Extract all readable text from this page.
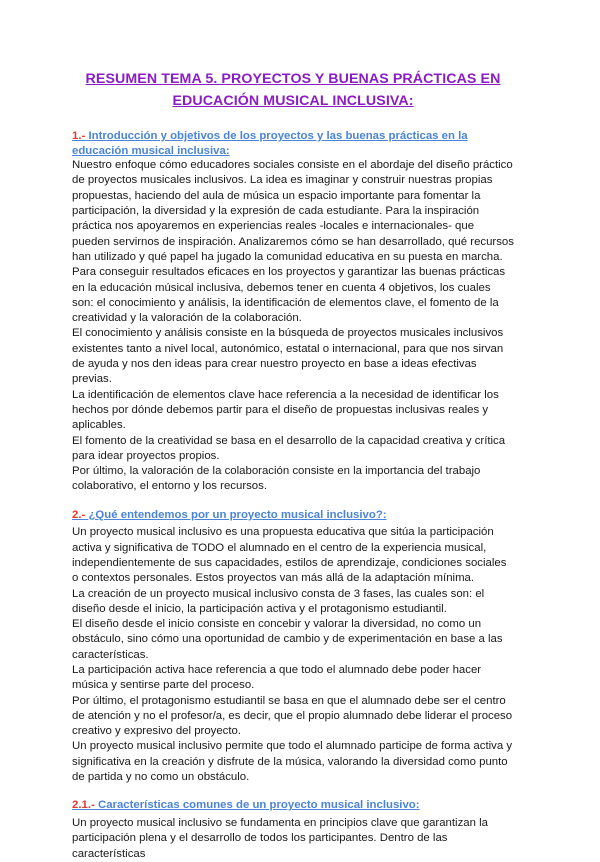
RESUMEN TEMA 5. PROYECTOS Y BUENAS PRÁCTICAS EN EDUCACIÓN MUSICAL INCLUSIVA:

1.- Introducción y objetivos de los proyectos y las buenas prácticas en la educación musical inclusiva:

Nuestro enfoque cómo educadores sociales consiste en el abordaje del diseño práctico de proyectos musicales inclusivos. La idea es imaginar y construir nuestras propias propuestas, haciendo del aula de música un espacio importante para fomentar la participación, la diversidad y la expresión de cada estudiante. Para la inspiración práctica nos apoyaremos en experiencias reales -locales e internacionales- que pueden servirnos de inspiración. Analizaremos cómo se han desarrollado, qué recursos han utilizado y qué papel ha jugado la comunidad educativa en su puesta en marcha.

Para conseguir resultados eficaces en los proyectos y garantizar las buenas prácticas en la educación músical inclusiva, debemos tener en cuenta 4 objetivos, los cuales son: el conocimiento y análisis, la identificación de elementos clave, el fomento de la creatividad y la valoración de la colaboración.

El conocimiento y análisis consiste en la búsqueda de proyectos musicales inclusivos existentes tanto a nivel local, autonómico, estatal o internacional, para que nos sirvan de ayuda y nos den ideas para crear nuestro proyecto en base a ideas efectivas previas.

La identificación de elementos clave hace referencia a la necesidad de identificar los hechos por dónde debemos partir para el diseño de propuestas inclusivas reales y aplicables.

El fomento de la creatividad se basa en el desarrollo de la capacidad creativa y crítica para idear proyectos propios.

Por último, la valoración de la colaboración consiste en la importancia del trabajo colaborativo, el entorno y los recursos.

2.- ¿Qué entendemos por un proyecto musical inclusivo?:

Un proyecto musical inclusivo es una propuesta educativa que sitúa la participación activa y significativa de TODO el alumnado en el centro de la experiencia musical, independientemente de sus capacidades, estilos de aprendizaje, condiciones sociales o contextos personales. Estos proyectos van más allá de la adaptación mínima.

La creación de un proyecto musical inclusivo consta de 3 fases, las cuales son: el diseño desde el inicio, la participación activa y el protagonismo estudiantil.

El diseño desde el inicio consiste en concebir y valorar la diversidad, no como un obstáculo, sino cómo una oportunidad de cambio y de experimentación en base a las características.

La participación activa hace referencia a que todo el alumnado debe poder hacer música y sentirse parte del proceso.

Por último, el protagonismo estudiantil se basa en que el alumnado debe ser el centro de atención y no el profesor/a, es decir, que el propio alumnado debe liderar el proceso creativo y expresivo del proyecto.

Un proyecto musical inclusivo permite que todo el alumnado participe de forma activa y significativa en la creación y disfrute de la música, valorando la diversidad como punto de partida y no como un obstáculo.

2.1.- Características comunes de un proyecto musical inclusivo:

Un proyecto musical inclusivo se fundamenta en principios clave que garantizan la participación plena y el desarrollo de todos los participantes. Dentro de las características
